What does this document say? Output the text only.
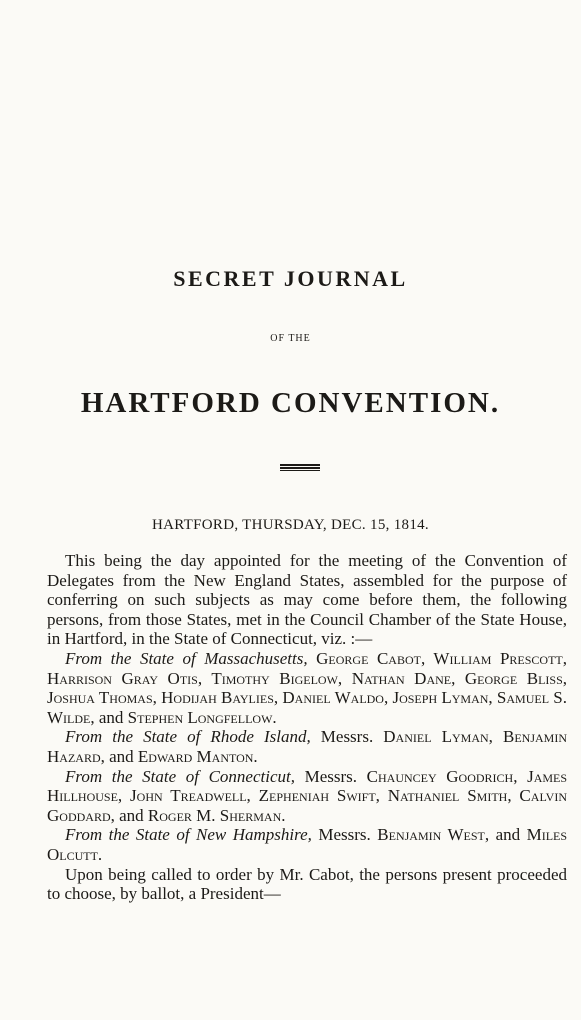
SECRET JOURNAL
OF THE
HARTFORD CONVENTION.
HARTFORD, THURSDAY, DEC. 15, 1814.

This being the day appointed for the meeting of the Convention of Delegates from the New England States, assembled for the purpose of conferring on such subjects as may come before them, the following persons, from those States, met in the Council Chamber of the State House, in Hartford, in the State of Connecticut, viz. :—

From the State of Massachusetts, George Cabot, William Prescott, Harrison Gray Otis, Timothy Bigelow, Nathan Dane, George Bliss, Joshua Thomas, Hodijah Baylies, Daniel Waldo, Joseph Lyman, Samuel S. Wilde, and Stephen Longfellow.

From the State of Rhode Island, Messrs. Daniel Lyman, Benjamin Hazard, and Edward Manton.

From the State of Connecticut, Messrs. Chauncey Goodrich, James Hillhouse, John Treadwell, Zepheniah Swift, Nathaniel Smith, Calvin Goddard, and Roger M. Sherman.

From the State of New Hampshire, Messrs. Benjamin West, and Miles Olcutt.

Upon being called to order by Mr. Cabot, the persons present proceeded to choose, by ballot, a President—
